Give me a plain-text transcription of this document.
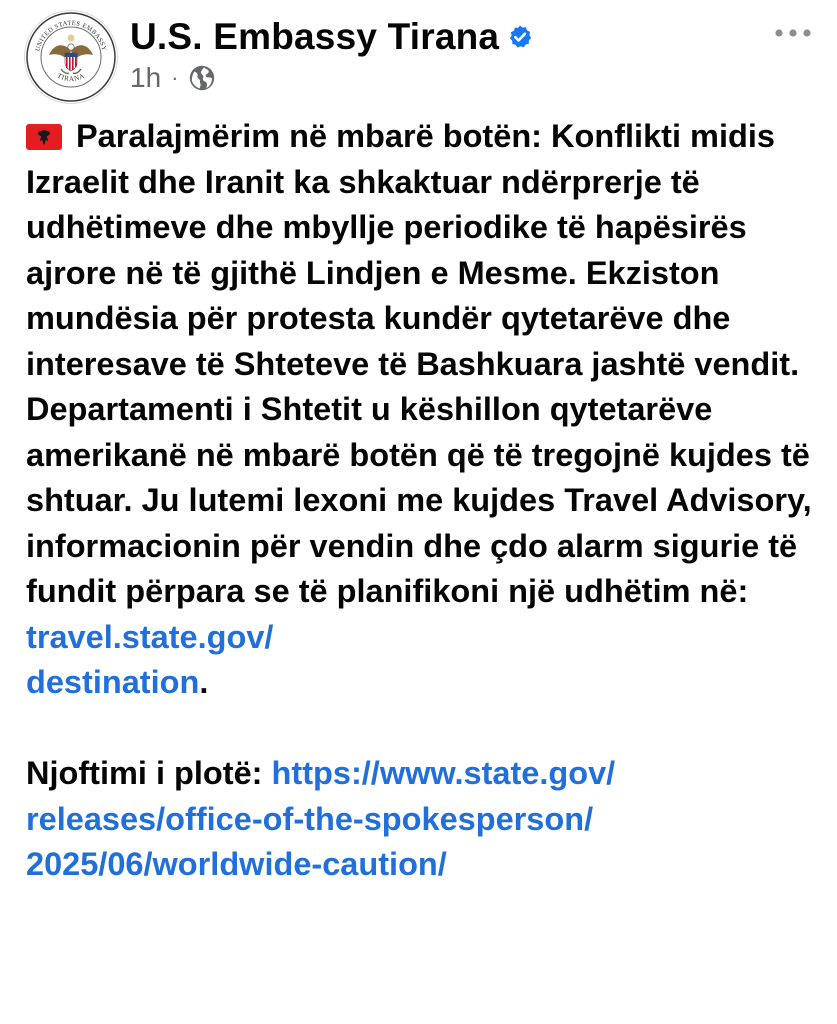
UNITED STATES EMBASSY
TIRANA
U.S. Embassy Tirana
1h ·

Paralajmërim në mbarë botën: Konflikti midis Izraelit dhe Iranit ka shkaktuar ndërprerje të udhëtimeve dhe mbyllje periodike të hapësirës ajrore në të gjithë Lindjen e Mesme. Ekziston mundësia për protesta kundër qytetarëve dhe interesave të Shteteve të Bashkuara jashtë vendit. Departamenti i Shtetit u këshillon qytetarëve amerikanë në mbarë botën që të tregojnë kujdes të shtuar. Ju lutemi lexoni me kujdes Travel Advisory, informacionin për vendin dhe çdo alarm sigurie të fundit përpara se të planifikoni një udhëtim në: travel.state.gov/
destination.

Njoftimi i plotë: https://www.state.gov/
releases/office-of-the-spokesperson/
2025/06/worldwide-caution/
